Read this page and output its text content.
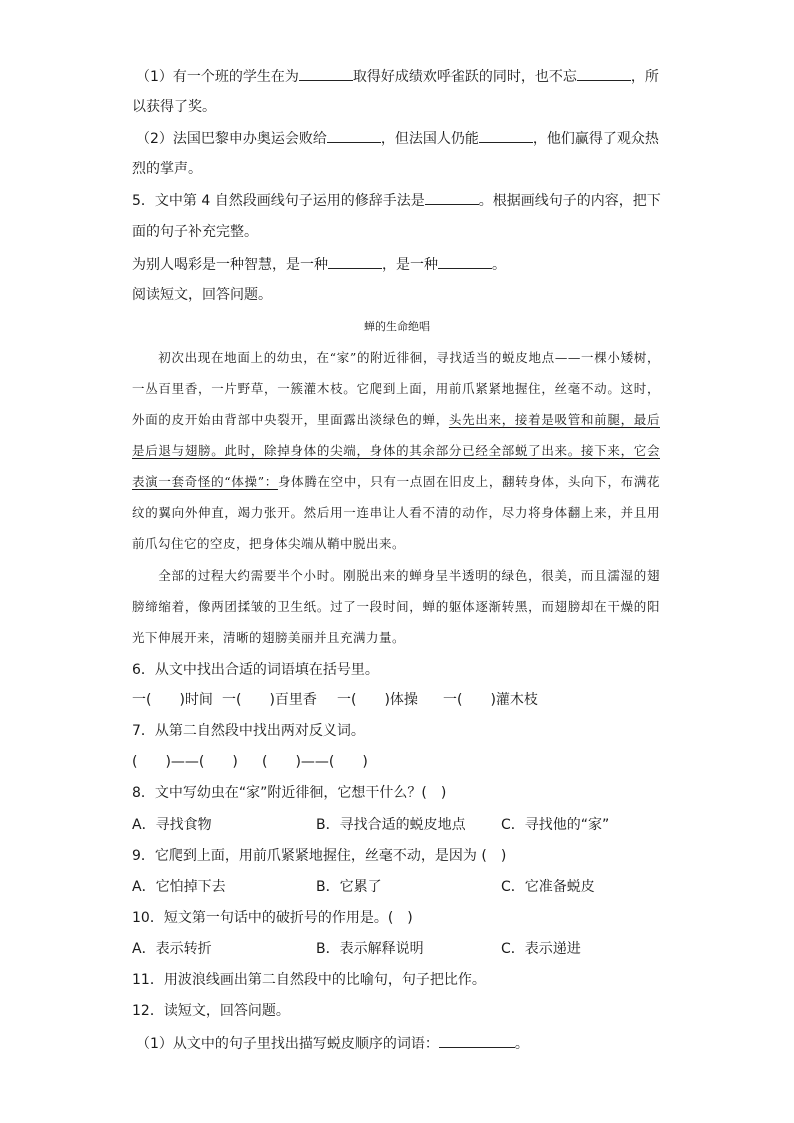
（1）有一个班的学生在为	取得好成绩欢呼雀跃的同时，也不忘	，所
以获得了奖。
（2）法国巴黎申办奥运会败给	，但法国人仍能	，他们赢得了观众热
烈的掌声。
5．文中第 4 自然段画线句子运用的修辞手法是	。根据画线句子的内容，把下
面的句子补充完整。
为别人喝彩是一种智慧，是一种	，是一种	。
阅读短文，回答问题。
蝉的生命绝唱
初次出现在地面上的幼虫，在“家”的附近徘徊，寻找适当的蜕皮地点——一棵小矮树，一丛百里香，一片野草，一簇灌木枝。它爬到上面，用前爪紧紧地握住，丝毫不动。这时，外面的皮开始由背部中央裂开，里面露出淡绿色的蝉，头先出来，接着是吸管和前腿，最后是后退与翅膀。此时，除掉身体的尖端，身体的其余部分已经全部蜕了出来。接下来，它会表演一套奇怪的“体操”：身体腾在空中，只有一点固在旧皮上，翻转身体，头向下，布满花纹的翼向外伸直，竭力张开。然后用一连串让人看不清的动作，尽力将身体翻上来，并且用前爪勾住它的空皮，把身体尖端从鞘中脱出来。
全部的过程大约需要半个小时。刚脱出来的蝉身呈半透明的绿色，很美，而且濡湿的翅膀缔缩着，像两团揉皱的卫生纸。过了一段时间，蝉的躯体逐渐转黑，而翅膀却在干燥的阳光下伸展开来，清晰的翅膀美丽并且充满力量。
6．从文中找出合适的词语填在括号里。
一(　　)时间 一(　　)百里香 一(　　)体操 一(　　)灌木枝
7．从第二自然段中找出两对反义词。
(　　)——(　　) (　　)——(　　)
8．文中写幼虫在“家”附近徘徊，它想干什么？(　)
A．寻找食物	B．寻找合适的蜕皮地点	C．寻找他的“家”
9．它爬到上面，用前爪紧紧地握住，丝毫不动，是因为 (　)
A．它怕掉下去	B．它累了	C．它准备蜕皮
10．短文第一句话中的破折号的作用是。(　)
A．表示转折	B．表示解释说明	C．表示递进
11．用波浪线画出第二自然段中的比喻句，句子把比作。
12．读短文，回答问题。
（1）从文中的句子里找出描写蜕皮顺序的词语：	。
